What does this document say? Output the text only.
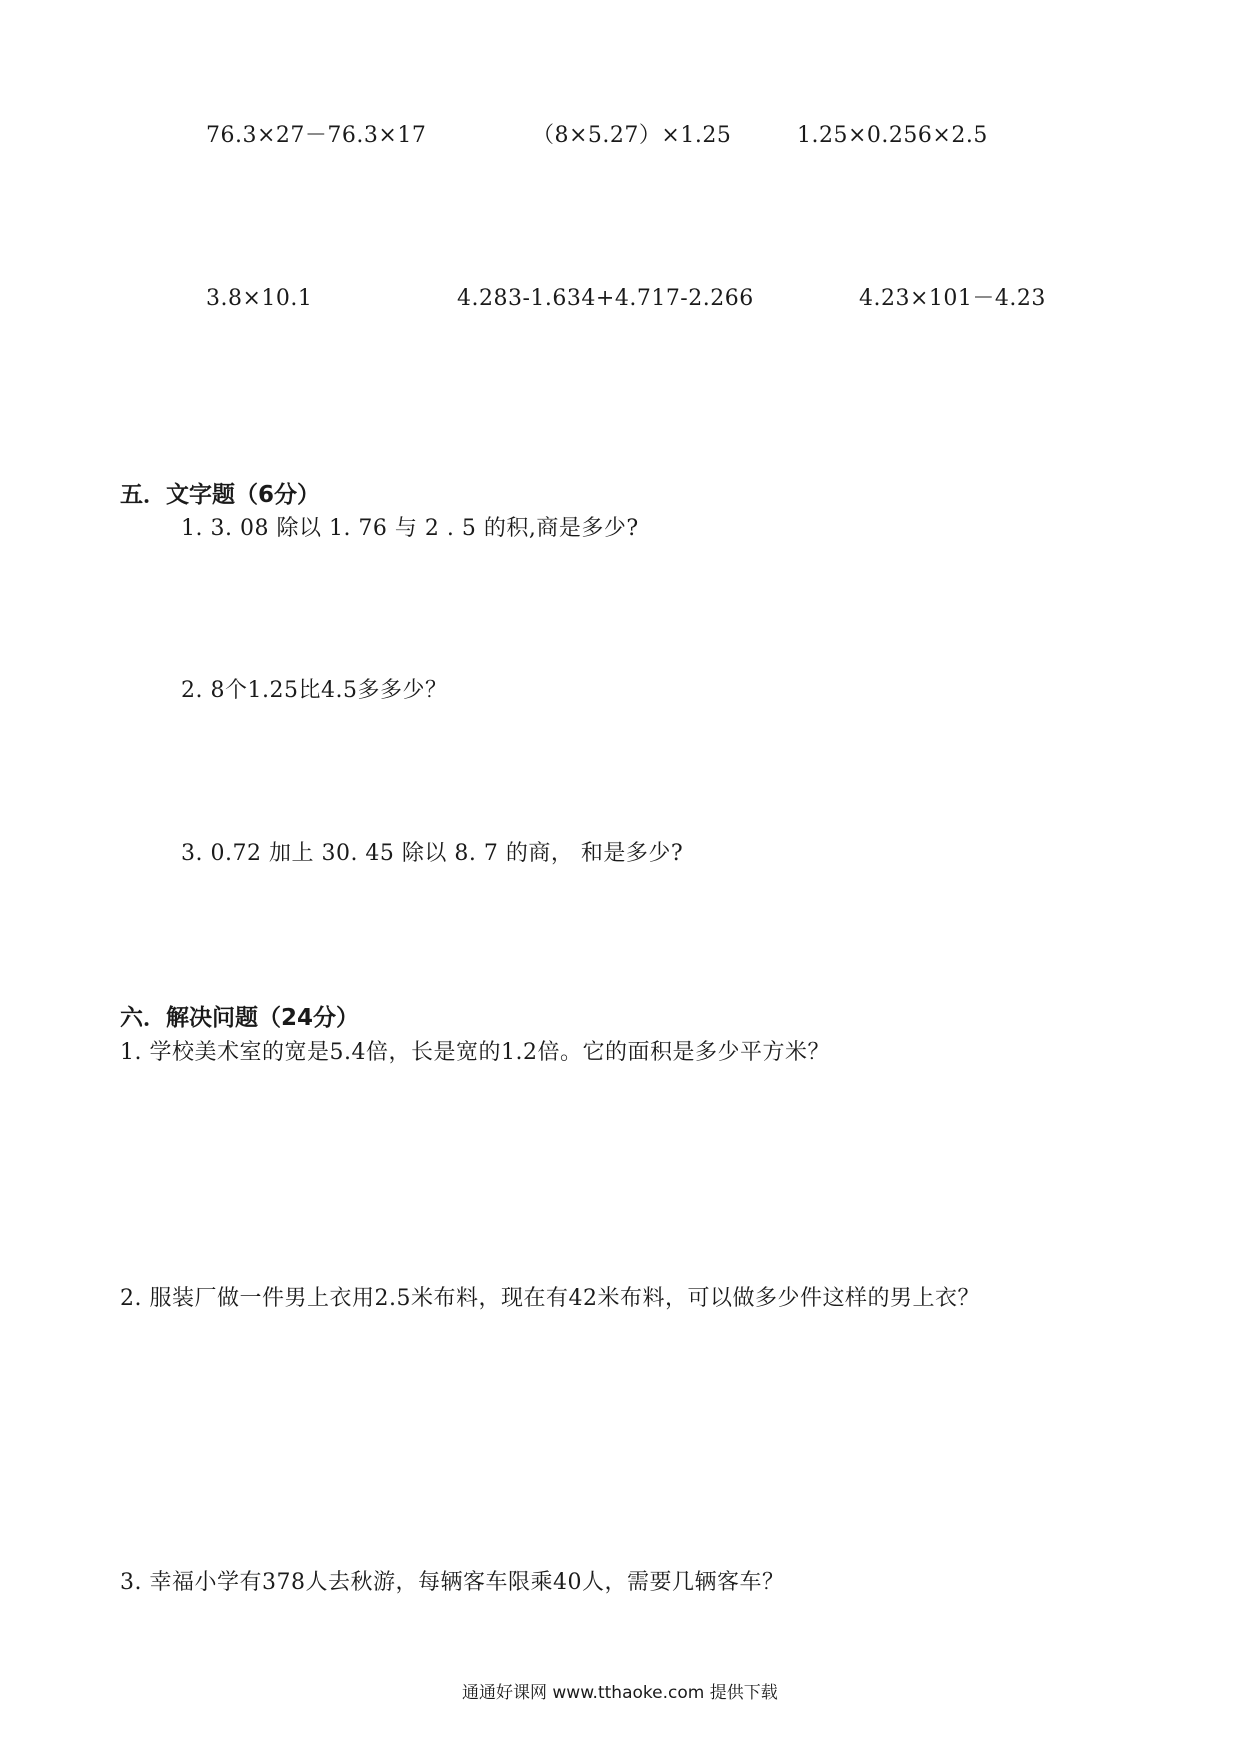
76.3×27－76.3×17	（8×5.27）×1.25	1.25×0.256×2.5
3.8×10.1	4.283-1.634+4.717-2.266	4.23×101－4.23
五．文字题（6分）
1. 3. 08 除以 1. 76 与 2 . 5 的积,商是多少?
2. 8个1.25比4.5多多少？
3. 0.72 加上 30. 45 除以 8. 7 的商， 和是多少?
六．解决问题（24分）
1. 学校美术室的宽是5.4倍，长是宽的1.2倍。它的面积是多少平方米？
2. 服装厂做一件男上衣用2.5米布料，现在有42米布料，可以做多少件这样的男上衣？
3. 幸福小学有378人去秋游，每辆客车限乘40人，需要几辆客车？
通通好课网 www.tthaoke.com 提供下载
